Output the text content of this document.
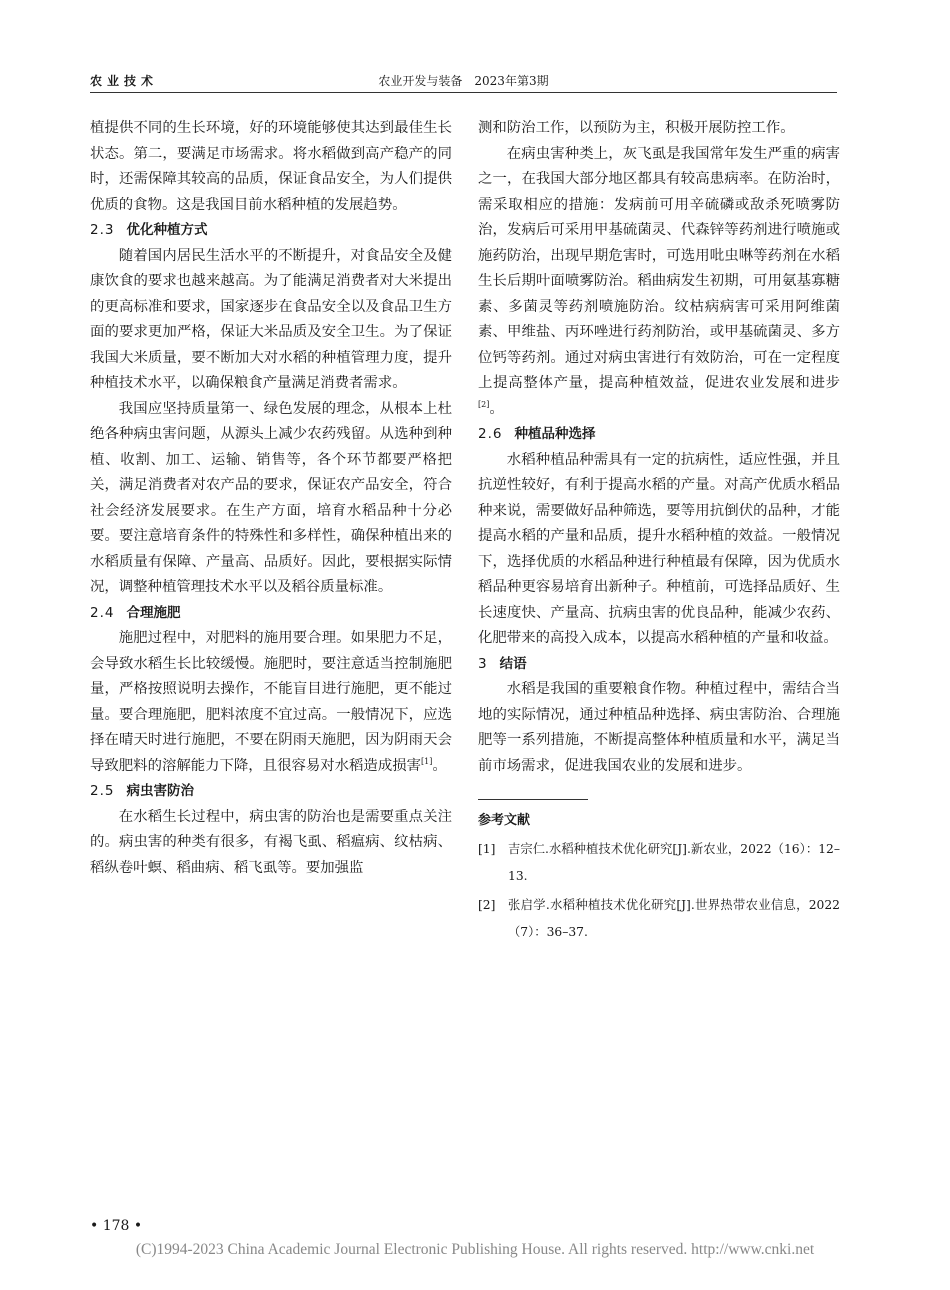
农业技术	农业开发与装备　2023年第3期

植提供不同的生长环境，好的环境能够使其达到最佳生长状态。第二，要满足市场需求。将水稻做到高产稳产的同时，还需保障其较高的品质，保证食品安全，为人们提供优质的食物。这是我国目前水稻种植的发展趋势。

2.3 优化种植方式

随着国内居民生活水平的不断提升，对食品安全及健康饮食的要求也越来越高。为了能满足消费者对大米提出的更高标准和要求，国家逐步在食品安全以及食品卫生方面的要求更加严格，保证大米品质及安全卫生。为了保证我国大米质量，要不断加大对水稻的种植管理力度，提升种植技术水平，以确保粮食产量满足消费者需求。

我国应坚持质量第一、绿色发展的理念，从根本上杜绝各种病虫害问题，从源头上减少农药残留。从选种到种植、收割、加工、运输、销售等，各个环节都要严格把关，满足消费者对农产品的要求，保证农产品安全，符合社会经济发展要求。在生产方面，培育水稻品种十分必要。要注意培育条件的特殊性和多样性，确保种植出来的水稻质量有保障、产量高、品质好。因此，要根据实际情况，调整种植管理技术水平以及稻谷质量标准。

2.4 合理施肥

施肥过程中，对肥料的施用要合理。如果肥力不足，会导致水稻生长比较缓慢。施肥时，要注意适当控制施肥量，严格按照说明去操作，不能盲目进行施肥，更不能过量。要合理施肥，肥料浓度不宜过高。一般情况下，应选择在晴天时进行施肥，不要在阴雨天施肥，因为阴雨天会导致肥料的溶解能力下降，且很容易对水稻造成损害[1]。

2.5 病虫害防治

在水稻生长过程中，病虫害的防治也是需要重点关注的。病虫害的种类有很多，有褐飞虱、稻瘟病、纹枯病、稻纵卷叶螟、稻曲病、稻飞虱等。要加强监

测和防治工作，以预防为主，积极开展防控工作。

在病虫害种类上，灰飞虱是我国常年发生严重的病害之一，在我国大部分地区都具有较高患病率。在防治时，需采取相应的措施：发病前可用辛硫磷或敌杀死喷雾防治，发病后可采用甲基硫菌灵、代森锌等药剂进行喷施或施药防治，出现早期危害时，可选用吡虫啉等药剂在水稻生长后期叶面喷雾防治。稻曲病发生初期，可用氨基寡糖素、多菌灵等药剂喷施防治。纹枯病病害可采用阿维菌素、甲维盐、丙环唑进行药剂防治，或甲基硫菌灵、多方位钙等药剂。通过对病虫害进行有效防治，可在一定程度上提高整体产量，提高种植效益，促进农业发展和进步[2]。

2.6 种植品种选择

水稻种植品种需具有一定的抗病性，适应性强，并且抗逆性较好，有利于提高水稻的产量。对高产优质水稻品种来说，需要做好品种筛选，要等用抗倒伏的品种，才能提高水稻的产量和品质，提升水稻种植的效益。一般情况下，选择优质的水稻品种进行种植最有保障，因为优质水稻品种更容易培育出新种子。种植前，可选择品质好、生长速度快、产量高、抗病虫害的优良品种，能减少农药、化肥带来的高投入成本，以提高水稻种植的产量和收益。

3 结语

水稻是我国的重要粮食作物。种植过程中，需结合当地的实际情况，通过种植品种选择、病虫害防治、合理施肥等一系列措施，不断提高整体种植质量和水平，满足当前市场需求，促进我国农业的发展和进步。

参考文献
[1] 吉宗仁.水稻种植技术优化研究[J].新农业，2022（16）：12–13.
[2] 张启学.水稻种植技术优化研究[J].世界热带农业信息，2022（7）：36–37.
• 178 •
(C)1994-2023 China Academic Journal Electronic Publishing House. All rights reserved. http://www.cnki.net
